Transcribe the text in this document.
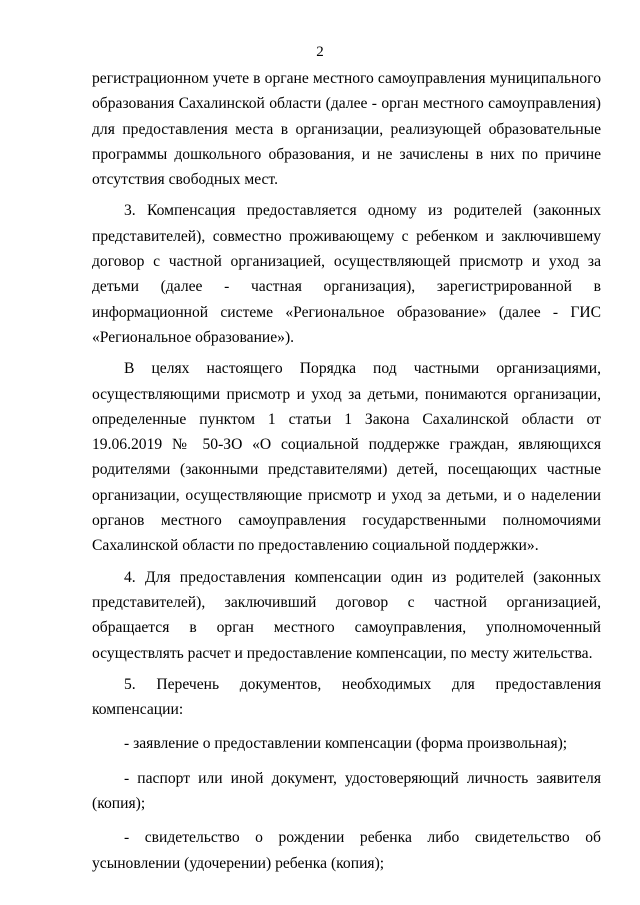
2

регистрационном учете в органе местного самоуправления муниципального образования Сахалинской области (далее - орган местного самоуправления) для предоставления места в организации, реализующей образовательные программы дошкольного образования, и не зачислены в них по причине отсутствия свободных мест.

3. Компенсация предоставляется одному из родителей (законных представителей), совместно проживающему с ребенком и заключившему договор с частной организацией, осуществляющей присмотр и уход за детьми (далее - частная организация), зарегистрированной в информационной системе «Региональное образование» (далее - ГИС «Региональное образование»).

В целях настоящего Порядка под частными организациями, осуществляющими присмотр и уход за детьми, понимаются организации, определенные пунктом 1 статьи 1 Закона Сахалинской области от 19.06.2019 № 50-ЗО «О социальной поддержке граждан, являющихся родителями (законными представителями) детей, посещающих частные организации, осуществляющие присмотр и уход за детьми, и о наделении органов местного самоуправления государственными полномочиями Сахалинской области по предоставлению социальной поддержки».

4. Для предоставления компенсации один из родителей (законных представителей), заключивший договор с частной организацией, обращается в орган местного самоуправления, уполномоченный осуществлять расчет и предоставление компенсации, по месту жительства.

5. Перечень документов, необходимых для предоставления компенсации:

- заявление о предоставлении компенсации (форма произвольная);

- паспорт или иной документ, удостоверяющий личность заявителя (копия);

- свидетельство о рождении ребенка либо свидетельство об усыновлении (удочерении) ребенка (копия);
